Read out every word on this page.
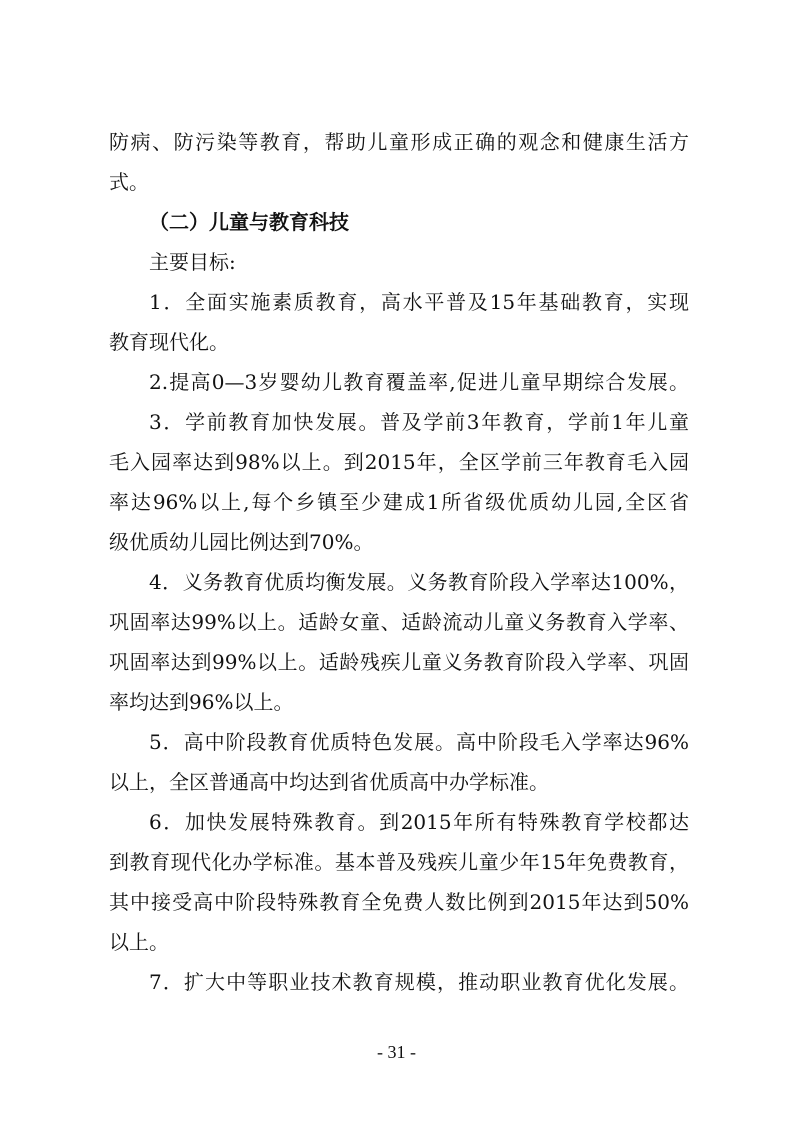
防病、防污染等教育，帮助儿童形成正确的观念和健康生活方
式。
（二）儿童与教育科技
主要目标:
1．全面实施素质教育，高水平普及15年基础教育，实现
教育现代化。
2.提高0—3岁婴幼儿教育覆盖率,促进儿童早期综合发展。
3．学前教育加快发展。普及学前3年教育，学前1年儿童
毛入园率达到98%以上。到2015年，全区学前三年教育毛入园
率达96%以上,每个乡镇至少建成1所省级优质幼儿园,全区省
级优质幼儿园比例达到70%。
4．义务教育优质均衡发展。义务教育阶段入学率达100%，
巩固率达99%以上。适龄女童、适龄流动儿童义务教育入学率、
巩固率达到99%以上。适龄残疾儿童义务教育阶段入学率、巩固
率均达到96%以上。
5．高中阶段教育优质特色发展。高中阶段毛入学率达96%
以上，全区普通高中均达到省优质高中办学标准。
6．加快发展特殊教育。到2015年所有特殊教育学校都达
到教育现代化办学标准。基本普及残疾儿童少年15年免费教育，
其中接受高中阶段特殊教育全免费人数比例到2015年达到50%
以上。
7．扩大中等职业技术教育规模，推动职业教育优化发展。
- 31 -
